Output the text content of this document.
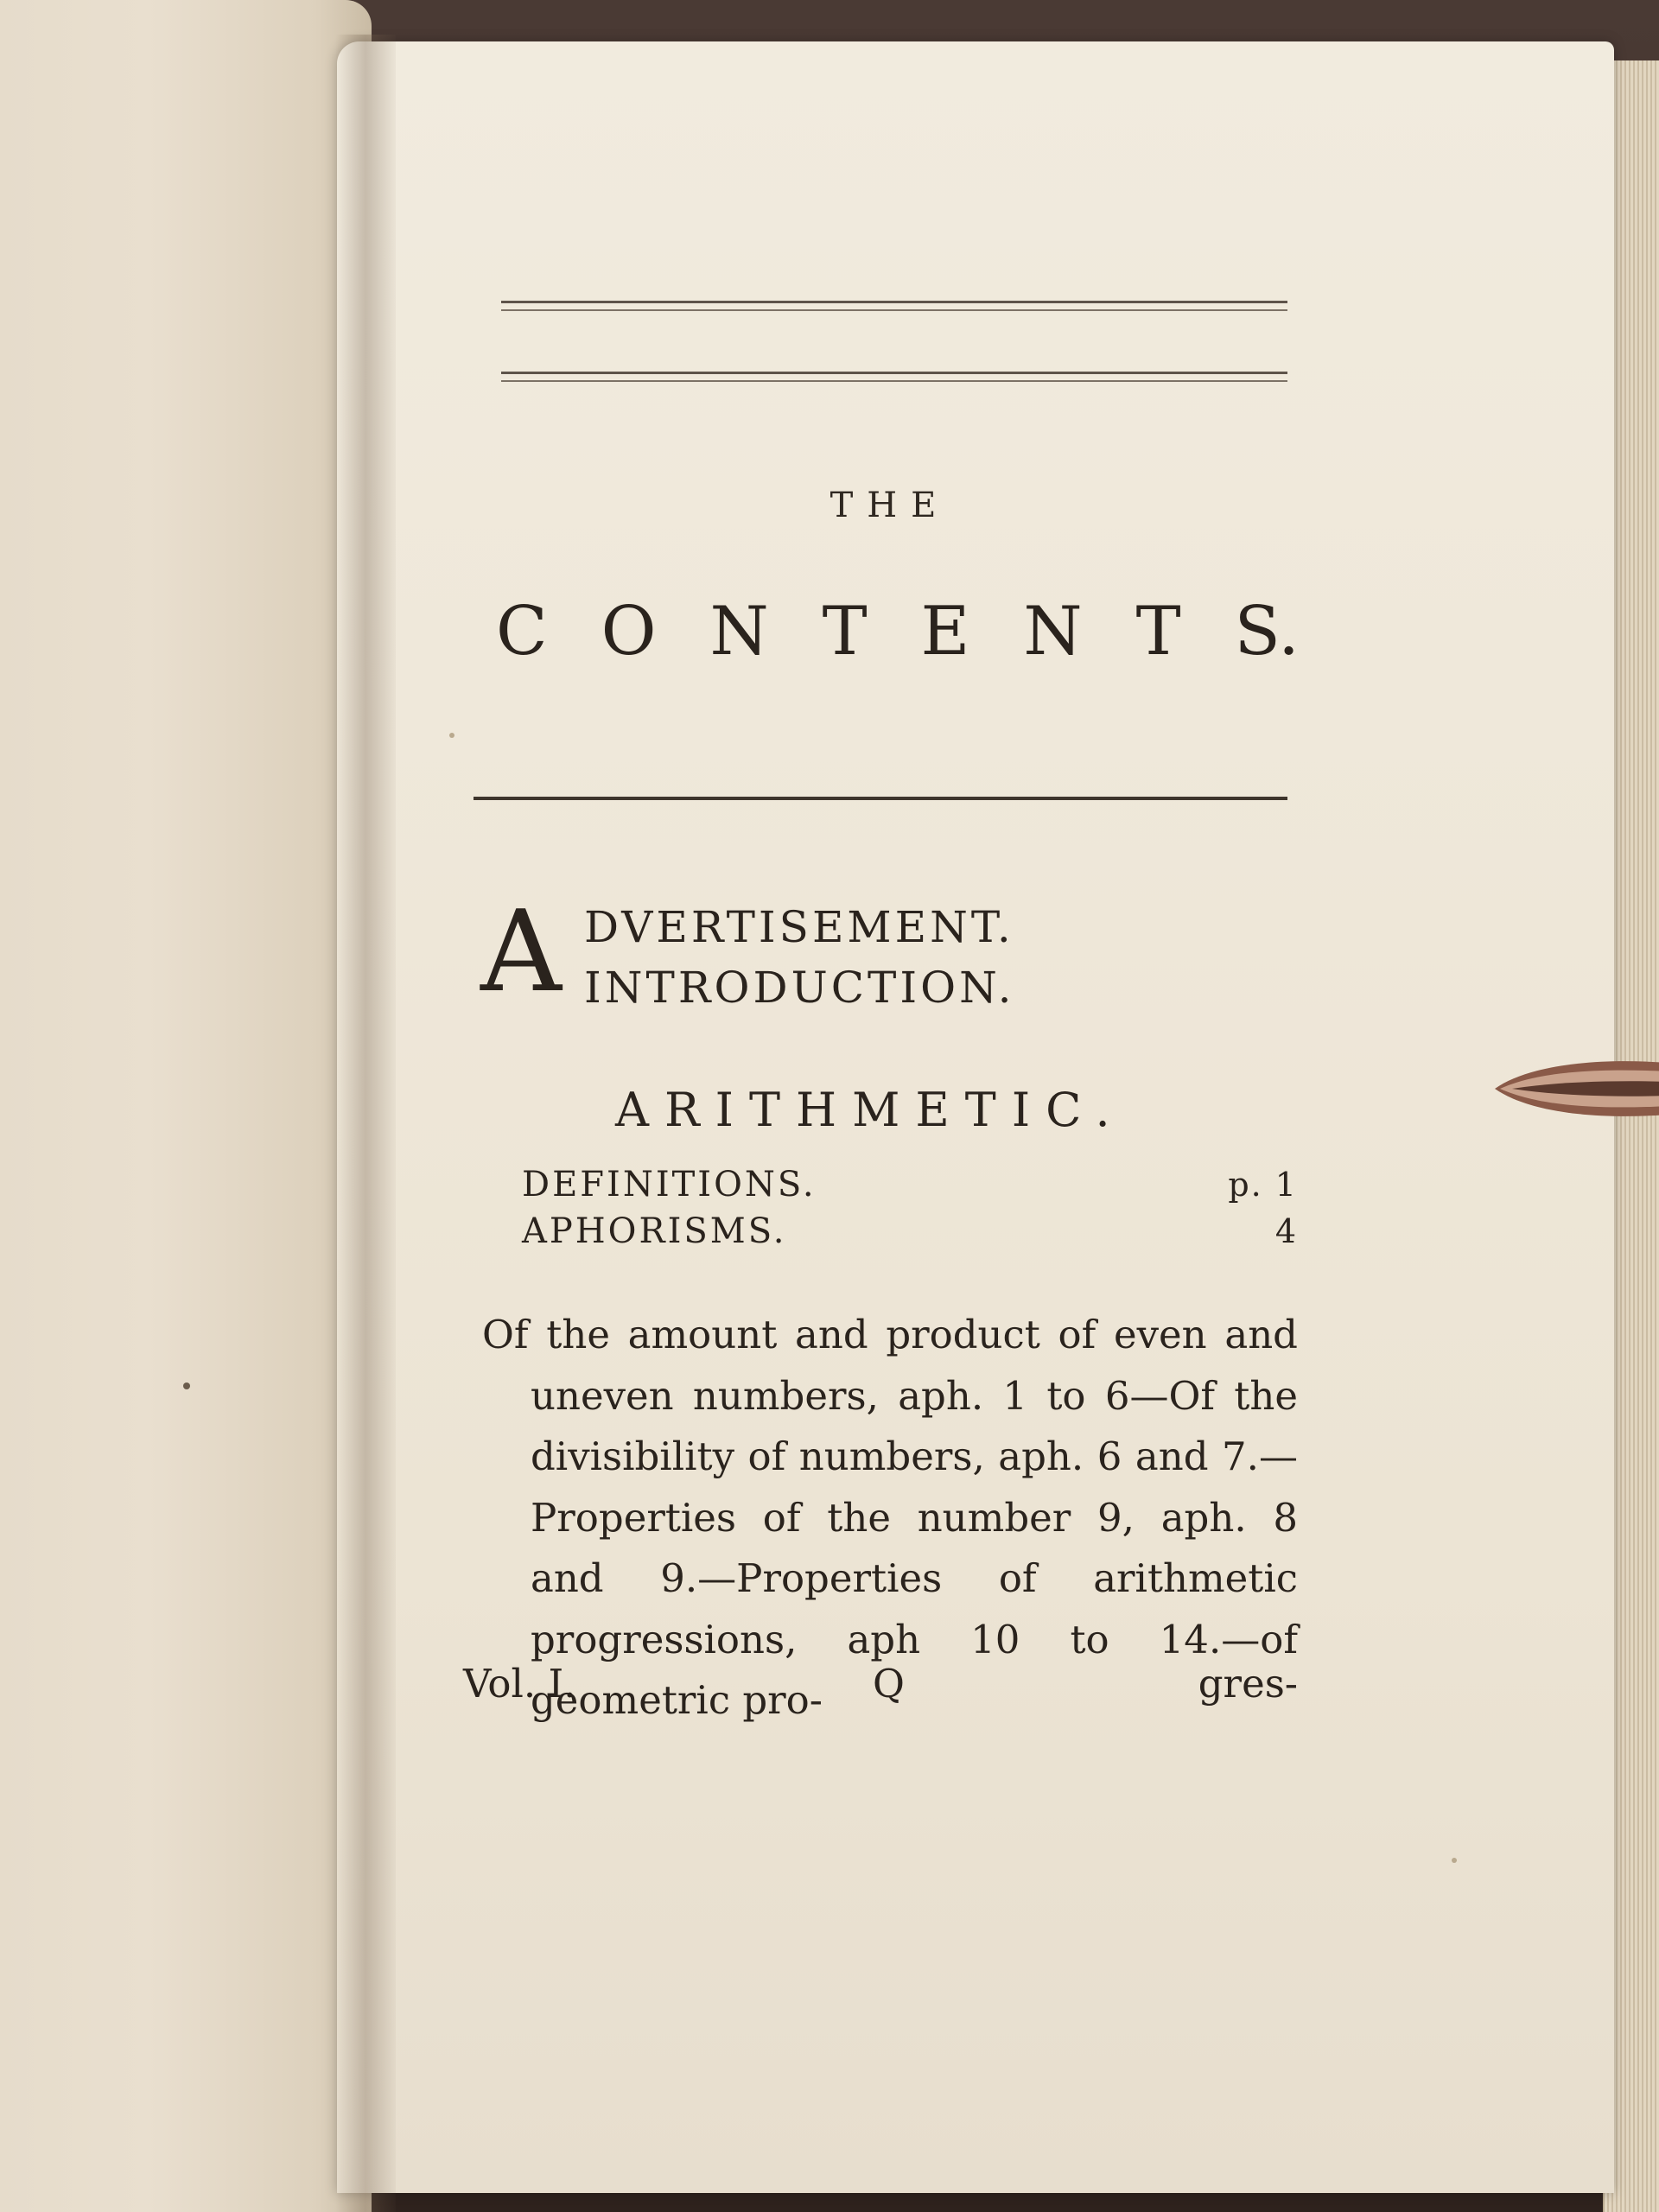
THE
C O N T E N T S.
A DVERTISEMENT.
INTRODUCTION.
ARITHMETIC.
DEFINITIONS.	p. 1
APHORISMS.	4

Of the amount and product of even and uneven numbers, aph. 1 to 6—Of the divisibility of numbers, aph. 6 and 7.—Properties of the number 9, aph. 8 and 9.—Properties of arithmetic progressions, aph 10 to 14.—of geometric pro-

Vol. I.	Q	gres-
